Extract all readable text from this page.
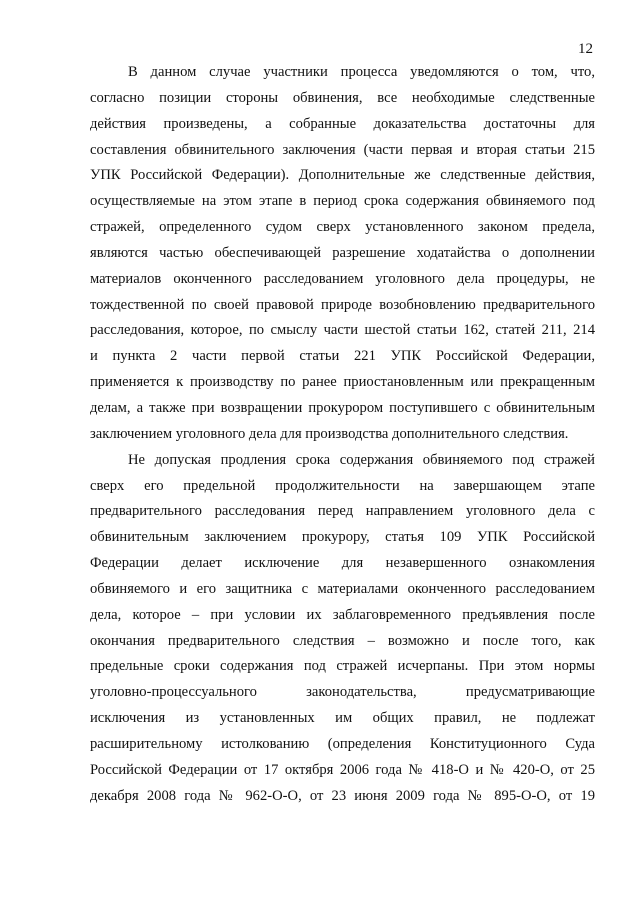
12
В данном случае участники процесса уведомляются о том, что,
согласно позиции стороны обвинения, все необходимые следственные
действия произведены, а собранные доказательства достаточны для
составления обвинительного заключения (части первая и вторая статьи 215
УПК Российской Федерации). Дополнительные же следственные действия,
осуществляемые на этом этапе в период срока содержания обвиняемого под
стражей, определенного судом сверх установленного законом предела,
являются частью обеспечивающей разрешение ходатайства о дополнении
материалов оконченного расследованием уголовного дела процедуры, не
тождественной по своей правовой природе возобновлению предварительного
расследования, которое, по смыслу части шестой статьи 162, статей 211, 214
и пункта 2 части первой статьи 221 УПК Российской Федерации,
применяется к производству по ранее приостановленным или прекращенным
делам, а также при возвращении прокурором поступившего с обвинительным
заключением уголовного дела для производства дополнительного следствия.
Не допуская продления срока содержания обвиняемого под стражей
сверх его предельной продолжительности на завершающем этапе
предварительного расследования перед направлением уголовного дела с
обвинительным заключением прокурору, статья 109 УПК Российской
Федерации делает исключение для незавершенного ознакомления
обвиняемого и его защитника с материалами оконченного расследованием
дела, которое – при условии их заблаговременного предъявления после
окончания предварительного следствия – возможно и после того, как
предельные сроки содержания под стражей исчерпаны. При этом нормы
уголовно-процессуального законодательства, предусматривающие
исключения из установленных им общих правил, не подлежат
расширительному истолкованию (определения Конституционного Суда
Российской Федерации от 17 октября 2006 года № 418-О и № 420-О, от 25
декабря 2008 года № 962-О-О, от 23 июня 2009 года № 895-О-О, от 19
